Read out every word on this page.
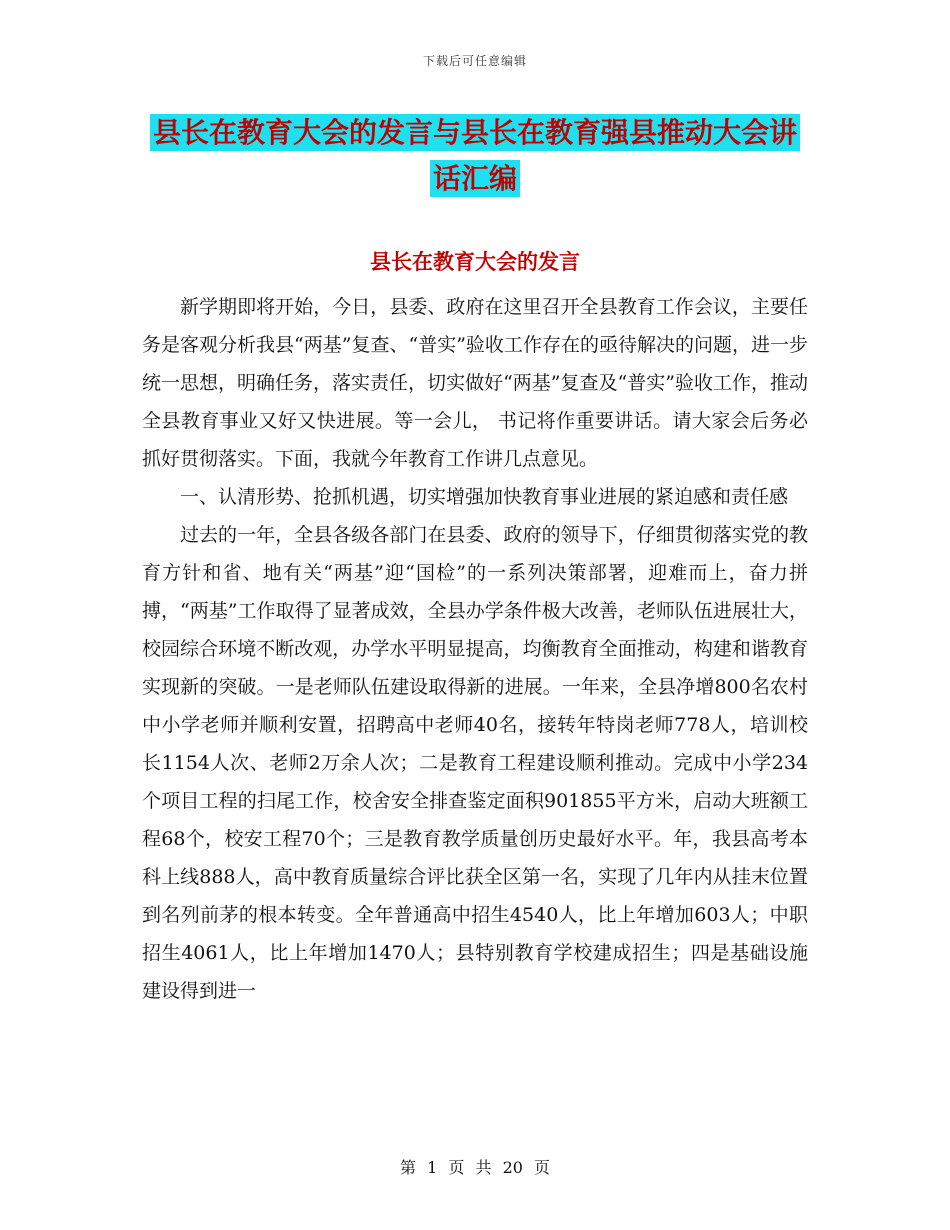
下载后可任意编辑
县长在教育大会的发言与县长在教育强县推动大会讲
话汇编
县长在教育大会的发言

新学期即将开始，今日，县委、政府在这里召开全县教育工作会议，主要任务是客观分析我县“两基”复查、“普实”验收工作存在的亟待解决的问题，进一步统一思想，明确任务，落实责任，切实做好“两基”复查及“普实”验收工作，推动全县教育事业又好又快进展。等一会儿， 书记将作重要讲话。请大家会后务必抓好贯彻落实。下面，我就今年教育工作讲几点意见。

一、认清形势、抢抓机遇，切实增强加快教育事业进展的紧迫感和责任感

过去的一年，全县各级各部门在县委、政府的领导下，仔细贯彻落实党的教育方针和省、地有关“两基”迎“国检”的一系列决策部署，迎难而上，奋力拼搏，“两基”工作取得了显著成效，全县办学条件极大改善，老师队伍进展壮大，校园综合环境不断改观，办学水平明显提高，均衡教育全面推动，构建和谐教育实现新的突破。一是老师队伍建设取得新的进展。一年来，全县净增800名农村中小学老师并顺利安置，招聘高中老师40名，接转年特岗老师778人，培训校长1154人次、老师2万余人次；二是教育工程建设顺利推动。完成中小学234个项目工程的扫尾工作，校舍安全排查鉴定面积901855平方米，启动大班额工程68个，校安工程70个；三是教育教学质量创历史最好水平。年，我县高考本科上线888人，高中教育质量综合评比获全区第一名，实现了几年内从挂末位置到名列前茅的根本转变。全年普通高中招生4540人，比上年增加603人；中职招生4061人，比上年增加1470人；县特别教育学校建成招生；四是基础设施建设得到进一

第 1 页 共 20 页
